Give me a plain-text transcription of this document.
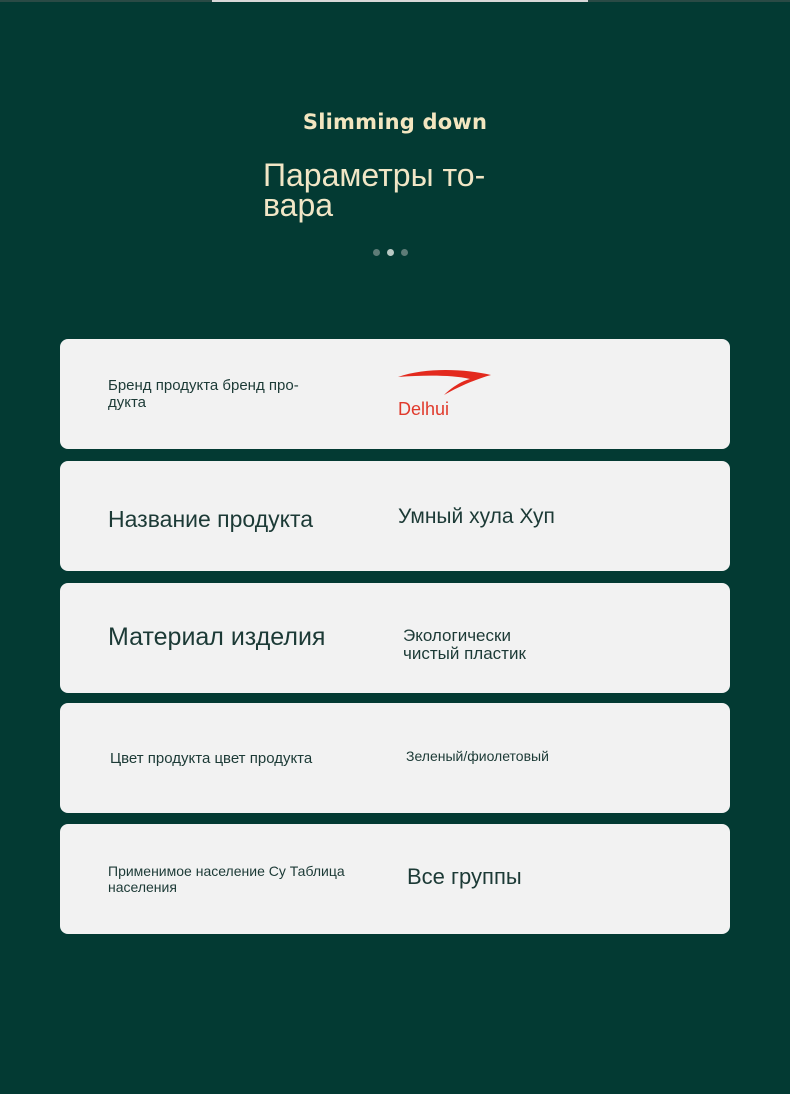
Slimming down
Параметры то-вара
Бренд продукта бренд про-дукта	Delhui
Название продукта	Умный хула Хуп
Материал изделия	Экологически чистый пластик
Цвет продукта цвет продукта	Зеленый/фиолетовый
Применимое население Су Таблица населения	Все группы
